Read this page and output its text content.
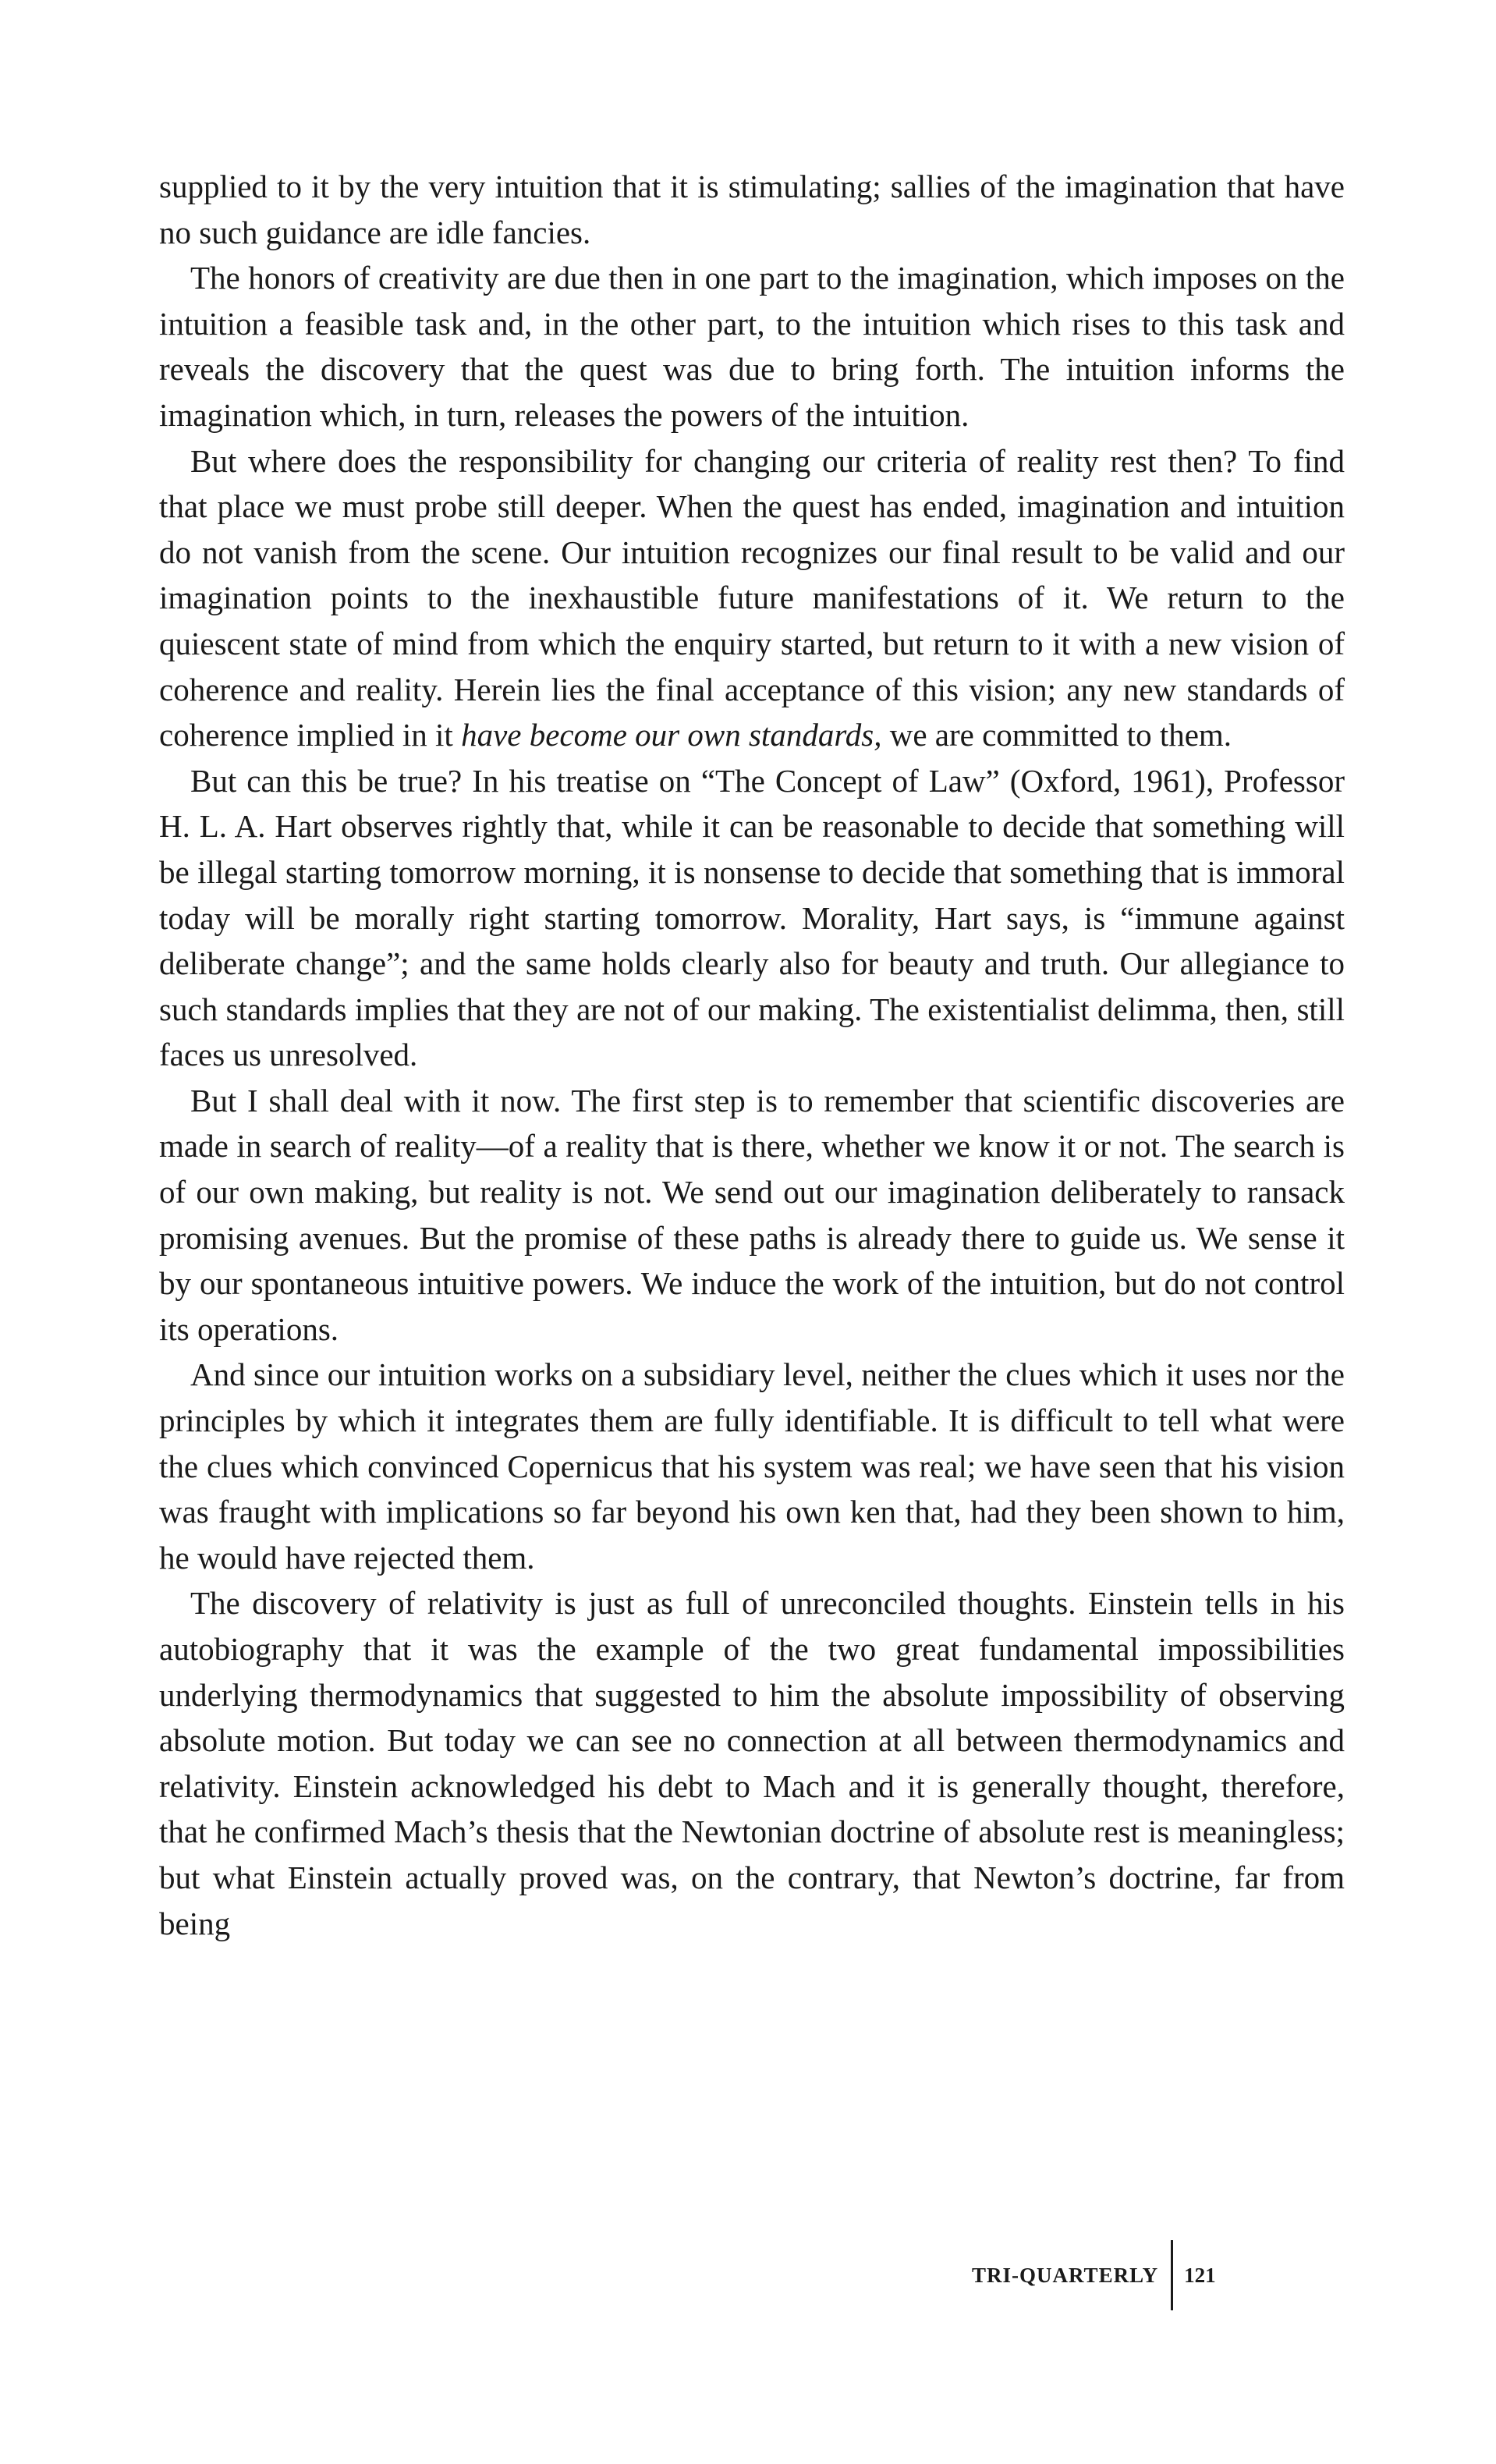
supplied to it by the very intuition that it is stimulating; sallies of the imagination that have no such guidance are idle fancies.

The honors of creativity are due then in one part to the imagination, which imposes on the intuition a feasible task and, in the other part, to the intuition which rises to this task and reveals the discovery that the quest was due to bring forth. The intuition informs the imagination which, in turn, releases the powers of the intuition.

But where does the responsibility for changing our criteria of reality rest then? To find that place we must probe still deeper. When the quest has ended, imagination and intuition do not vanish from the scene. Our intuition recognizes our final result to be valid and our imagination points to the inexhaustible future manifestations of it. We return to the quiescent state of mind from which the enquiry started, but return to it with a new vision of coherence and reality. Herein lies the final acceptance of this vision; any new standards of coherence implied in it have become our own standards, we are committed to them.

But can this be true? In his treatise on “The Concept of Law” (Oxford, 1961), Professor H. L. A. Hart observes rightly that, while it can be reasonable to decide that something will be illegal starting tomorrow morning, it is nonsense to decide that something that is immoral today will be morally right starting tomorrow. Morality, Hart says, is “immune against deliberate change”; and the same holds clearly also for beauty and truth. Our allegiance to such standards implies that they are not of our making. The existentialist delimma, then, still faces us unresolved.

But I shall deal with it now. The first step is to remember that scientific discoveries are made in search of reality—of a reality that is there, whether we know it or not. The search is of our own making, but reality is not. We send out our imagination deliberately to ransack promising avenues. But the promise of these paths is already there to guide us. We sense it by our spontaneous intuitive powers. We induce the work of the intuition, but do not control its operations.

And since our intuition works on a subsidiary level, neither the clues which it uses nor the principles by which it integrates them are fully identifiable. It is difficult to tell what were the clues which convinced Copernicus that his system was real; we have seen that his vision was fraught with implications so far beyond his own ken that, had they been shown to him, he would have rejected them.

The discovery of relativity is just as full of unreconciled thoughts. Einstein tells in his autobiography that it was the example of the two great fundamental impossibilities underlying thermodynamics that suggested to him the absolute impossibility of observing absolute motion. But today we can see no connection at all between thermodynamics and relativity. Einstein acknowledged his debt to Mach and it is generally thought, therefore, that he confirmed Mach’s thesis that the Newtonian doctrine of absolute rest is meaningless; but what Einstein actually proved was, on the contrary, that Newton’s doctrine, far from being

TRI-QUARTERLY	121
